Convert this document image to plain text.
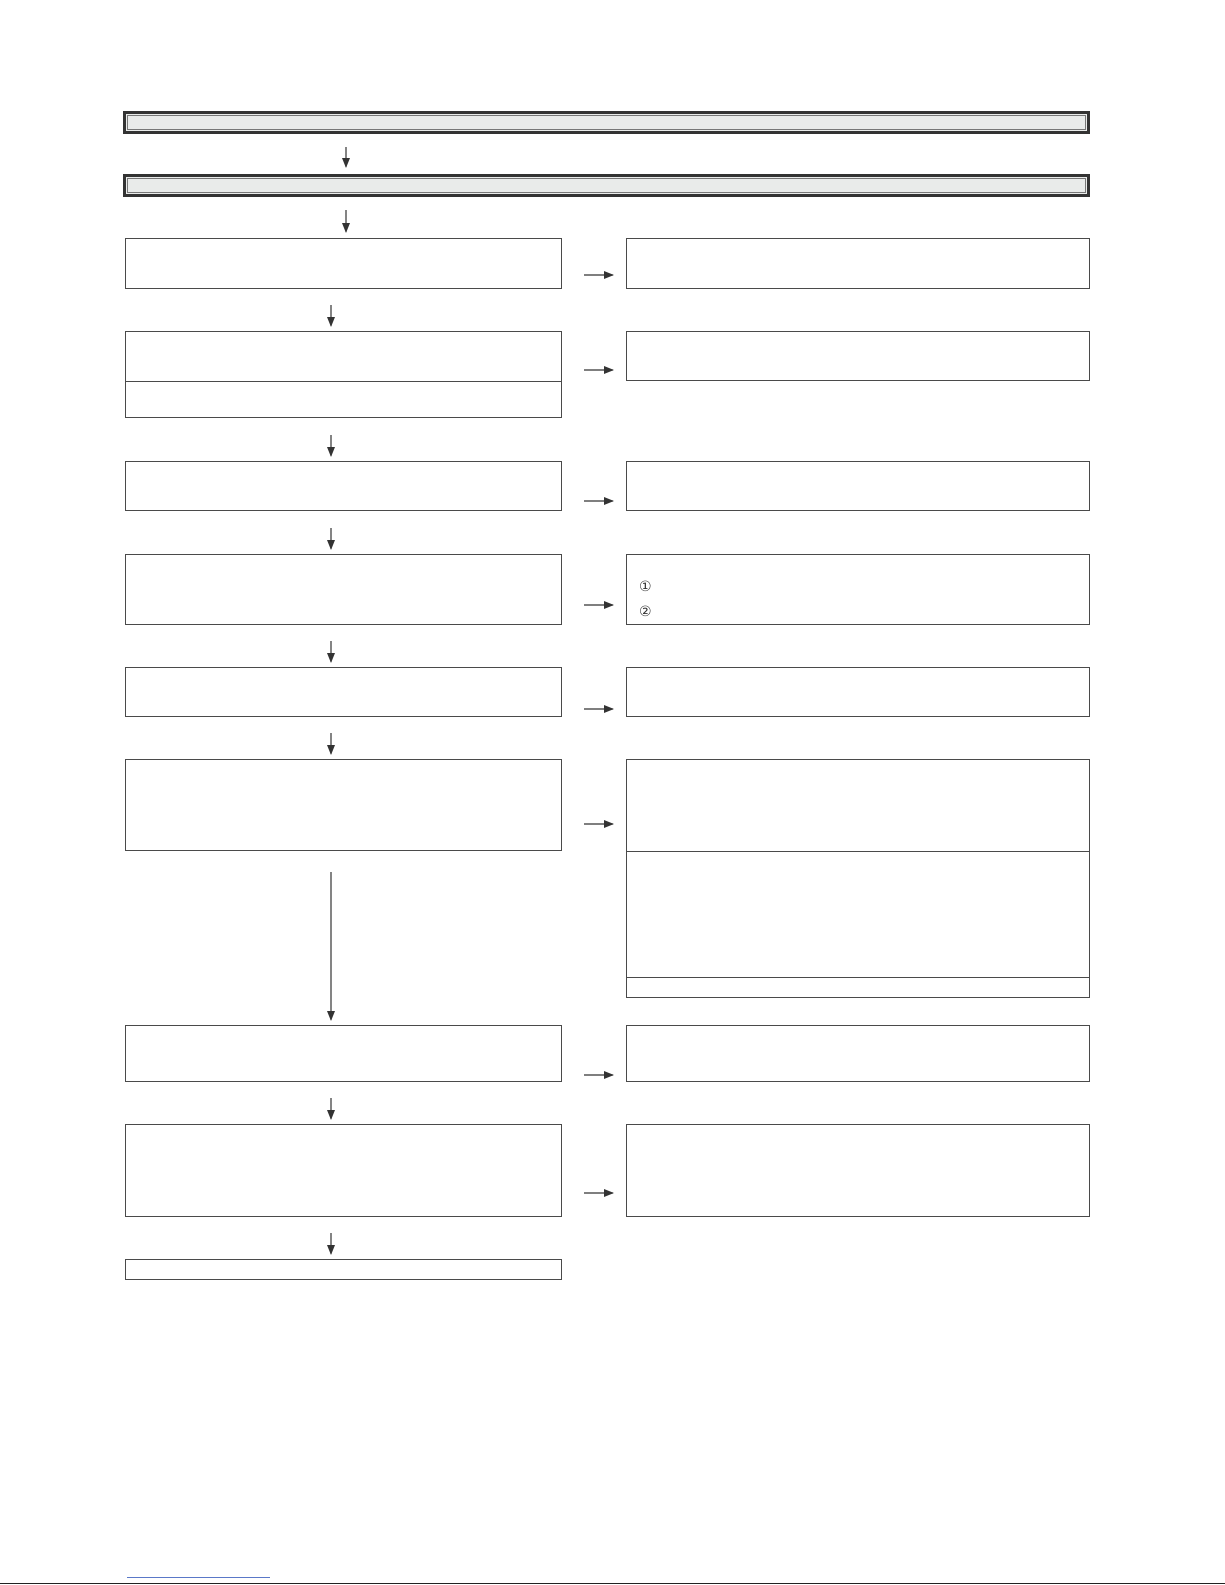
①
②
